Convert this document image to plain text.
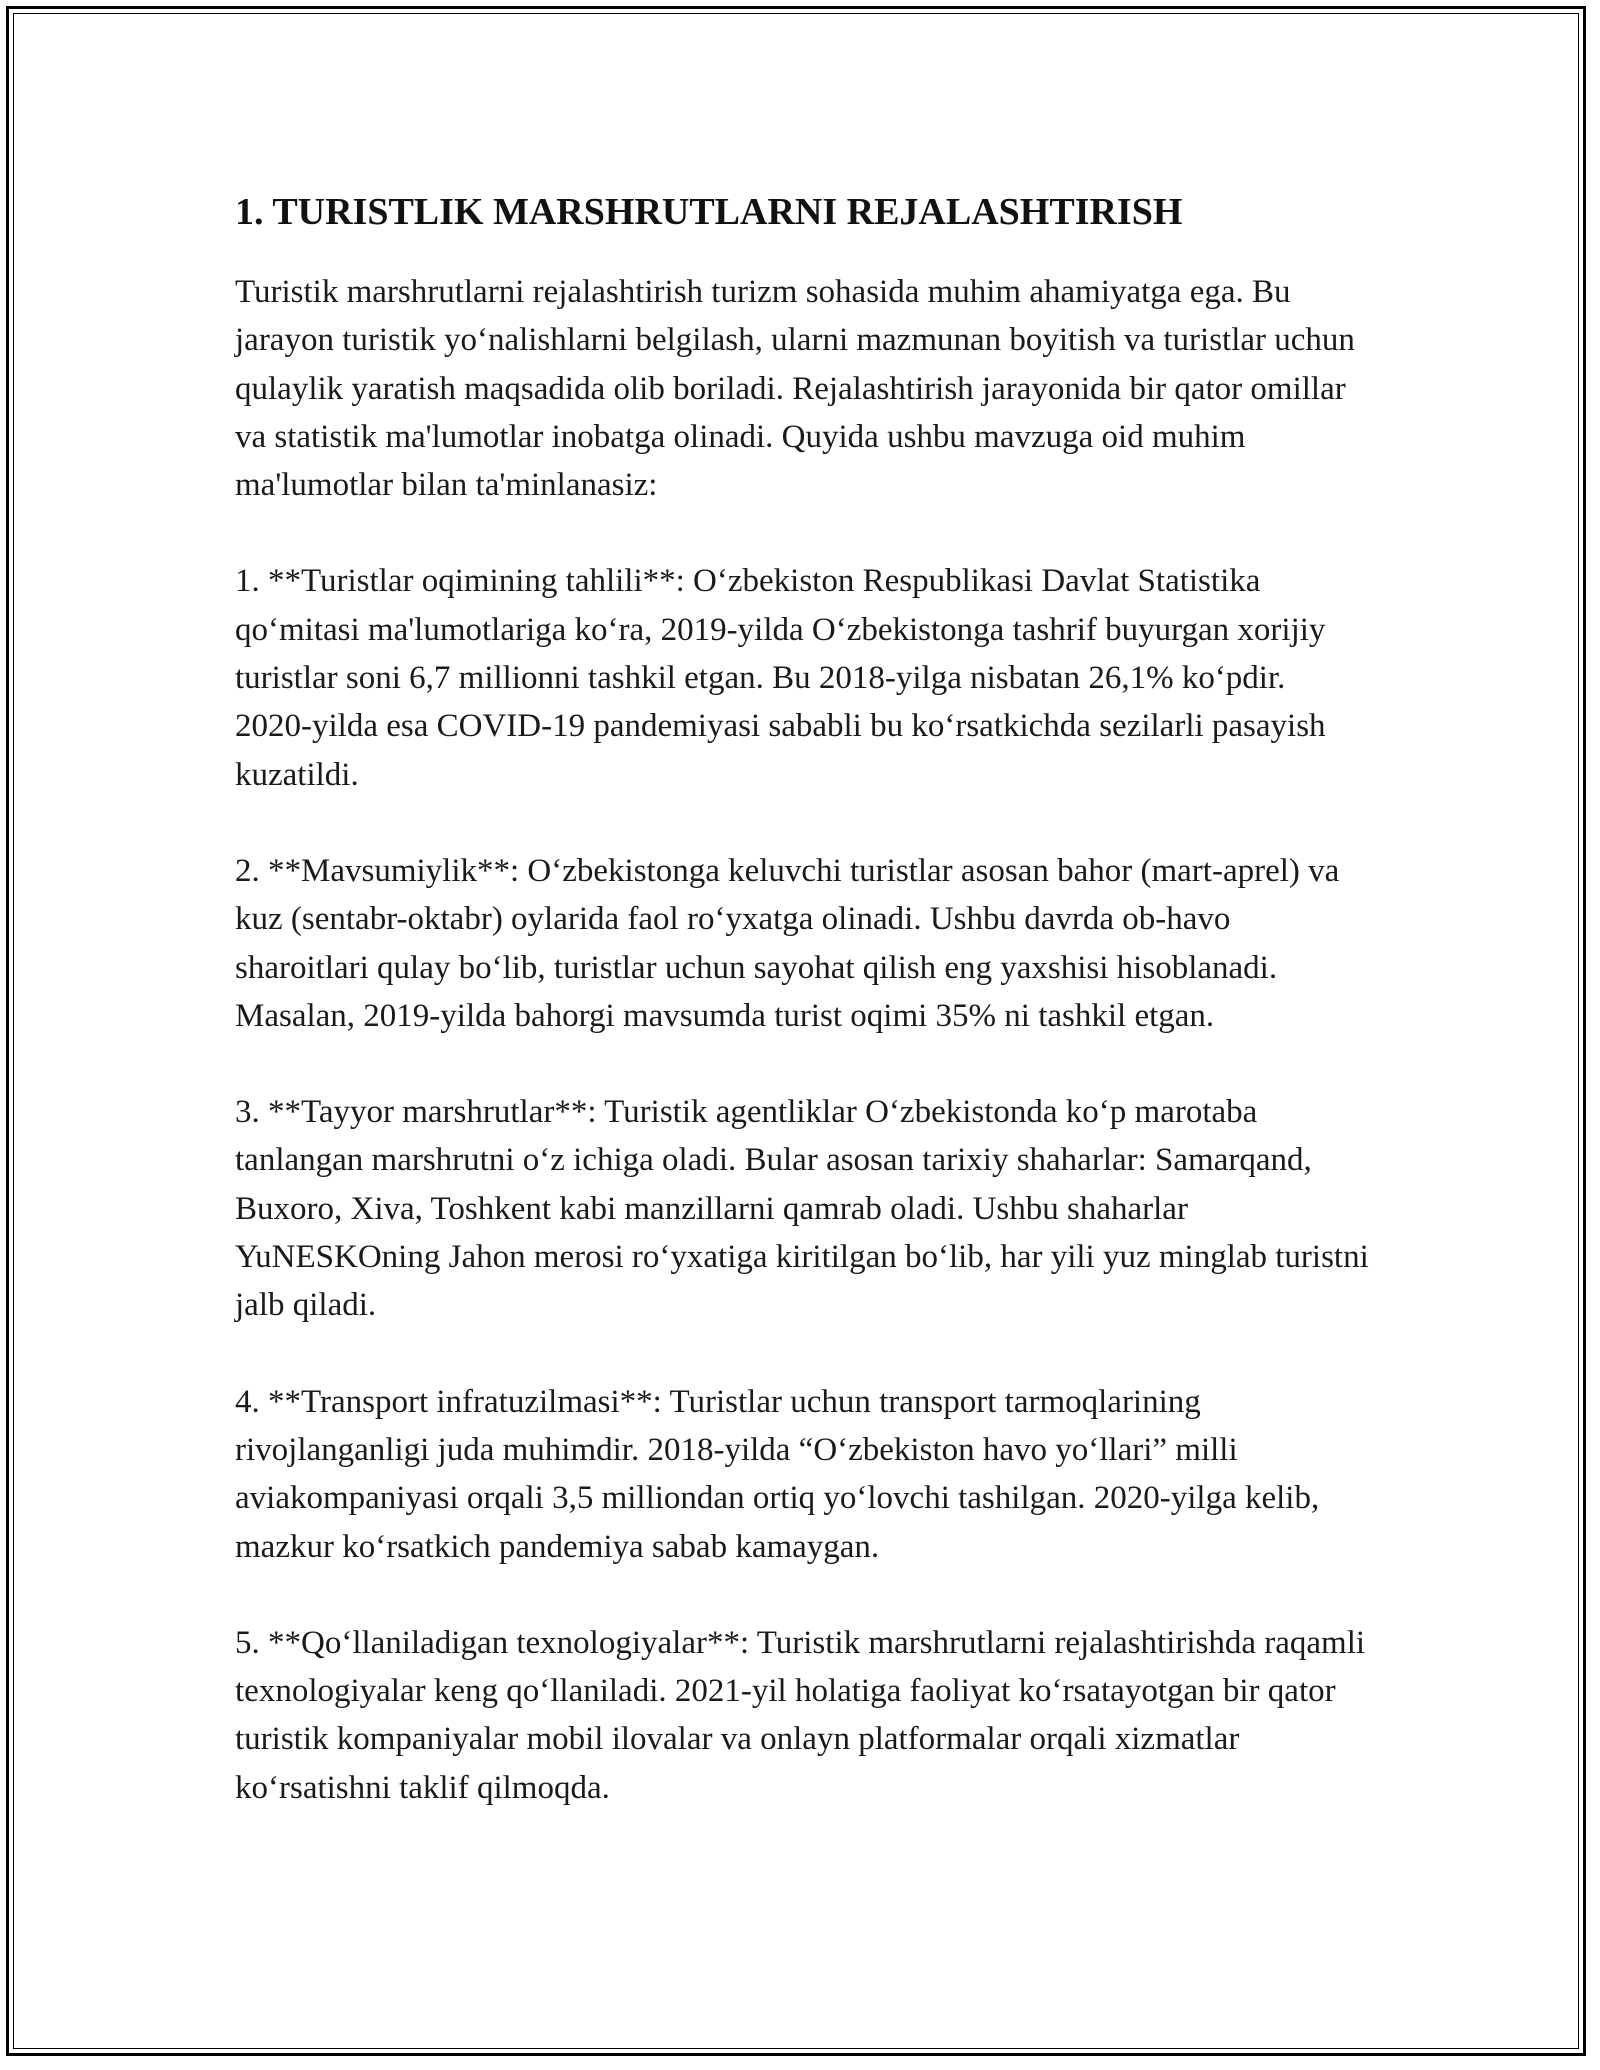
1. TURISTLIK MARSHRUTLARNI REJALASHTIRISH

Turistik marshrutlarni rejalashtirish turizm sohasida muhim ahamiyatga ega. Bu jarayon turistik yo‘nalishlarni belgilash, ularni mazmunan boyitish va turistlar uchun qulaylik yaratish maqsadida olib boriladi. Rejalashtirish jarayonida bir qator omillar va statistik ma'lumotlar inobatga olinadi. Quyida ushbu mavzuga oid muhim ma'lumotlar bilan ta'minlanasiz:

1. **Turistlar oqimining tahlili**: O‘zbekiston Respublikasi Davlat Statistika qo‘mitasi ma'lumotlariga ko‘ra, 2019-yilda O‘zbekistonga tashrif buyurgan xorijiy turistlar soni 6,7 millionni tashkil etgan. Bu 2018-yilga nisbatan 26,1% ko‘pdir. 2020-yilda esa COVID-19 pandemiyasi sababli bu ko‘rsatkichda sezilarli pasayish kuzatildi.

2. **Mavsumiylik**: O‘zbekistonga keluvchi turistlar asosan bahor (mart-aprel) va kuz (sentabr-oktabr) oylarida faol ro‘yxatga olinadi. Ushbu davrda ob-havo sharoitlari qulay bo‘lib, turistlar uchun sayohat qilish eng yaxshisi hisoblanadi. Masalan, 2019-yilda bahorgi mavsumda turist oqimi 35% ni tashkil etgan.

3. **Tayyor marshrutlar**: Turistik agentliklar O‘zbekistonda ko‘p marotaba tanlangan marshrutni o‘z ichiga oladi. Bular asosan tarixiy shaharlar: Samarqand, Buxoro, Xiva, Toshkent kabi manzillarni qamrab oladi. Ushbu shaharlar YuNESKOning Jahon merosi ro‘yxatiga kiritilgan bo‘lib, har yili yuz minglab turistni jalb qiladi.

4. **Transport infratuzilmasi**: Turistlar uchun transport tarmoqlarining rivojlanganligi juda muhimdir. 2018-yilda “O‘zbekiston havo yo‘llari” milli aviakompaniyasi orqali 3,5 milliondan ortiq yo‘lovchi tashilgan. 2020-yilga kelib, mazkur ko‘rsatkich pandemiya sabab kamaygan.

5. **Qo‘llaniladigan texnologiyalar**: Turistik marshrutlarni rejalashtirishda raqamli texnologiyalar keng qo‘llaniladi. 2021-yil holatiga faoliyat ko‘rsatayotgan bir qator turistik kompaniyalar mobil ilovalar va onlayn platformalar orqali xizmatlar ko‘rsatishni taklif qilmoqda.
